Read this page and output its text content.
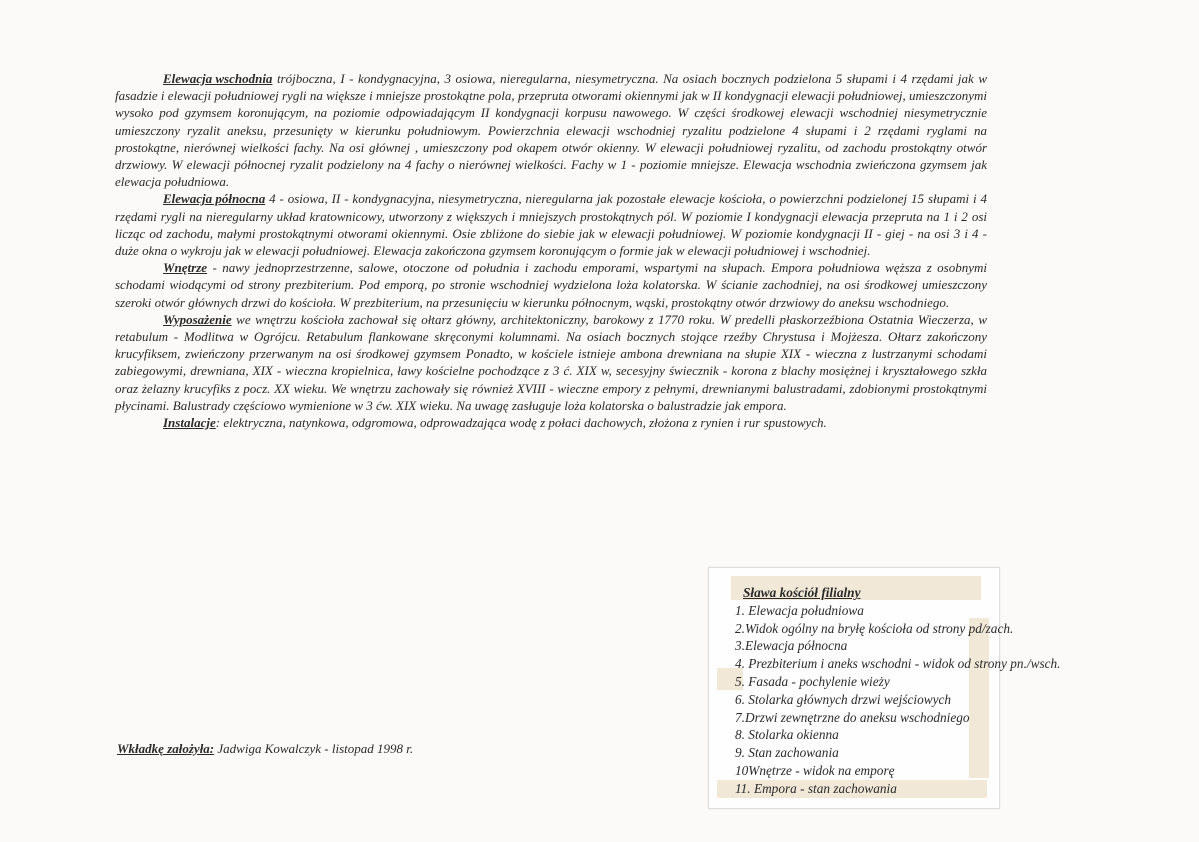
Elewacja wschodnia trójboczna, I - kondygnacyjna, 3 osiowa, nieregularna, niesymetryczna. Na osiach bocznych podzielona 5 słupami i 4 rzędami jak w fasadzie i elewacji południowej rygli na większe i mniejsze prostokątne pola, przepruta otworami okiennymi jak w II kondygnacji elewacji południowej, umieszczonymi wysoko pod gzymsem koronującym, na poziomie odpowiadającym II kondygnacji korpusu nawowego. W części środkowej elewacji wschodniej niesymetrycznie umieszczony ryzalit aneksu, przesunięty w kierunku południowym. Powierzchnia elewacji wschodniej ryzalitu podzielone 4 słupami i 2 rzędami ryglami na prostokątne, nierównej wielkości fachy. Na osi głównej , umieszczony pod okapem otwór okienny. W elewacji południowej ryzalitu, od zachodu prostokątny otwór drzwiowy. W elewacji północnej ryzalit podzielony na 4 fachy o nierównej wielkości. Fachy w 1 - poziomie mniejsze. Elewacja wschodnia zwieńczona gzymsem jak elewacja południowa.

Elewacja północna 4 - osiowa, II - kondygnacyjna, niesymetryczna, nieregularna jak pozostałe elewacje kościoła, o powierzchni podzielonej 15 słupami i 4 rzędami rygli na nieregularny układ kratownicowy, utworzony z większych i mniejszych prostokątnych pól. W poziomie I kondygnacji elewacja przepruta na 1 i 2 osi licząc od zachodu, małymi prostokątnymi otworami okiennymi. Osie zbliżone do siebie jak w elewacji południowej. W poziomie kondygnacji II - giej - na osi 3 i 4 - duże okna o wykroju jak w elewacji południowej. Elewacja zakończona gzymsem koronującym o formie jak w elewacji południowej i wschodniej.

Wnętrze - nawy jednoprzestrzenne, salowe, otoczone od południa i zachodu emporami, wspartymi na słupach. Empora południowa węższa z osobnymi schodami wiodącymi od strony prezbiterium. Pod emporą, po stronie wschodniej wydzielona loża kolatorska. W ścianie zachodniej, na osi środkowej umieszczony szeroki otwór głównych drzwi do kościoła. W prezbiterium, na przesunięciu w kierunku północnym, wąski, prostokątny otwór drzwiowy do aneksu wschodniego.

Wyposażenie we wnętrzu kościoła zachował się ołtarz główny, architektoniczny, barokowy z 1770 roku. W predelli płaskorzeźbiona Ostatnia Wieczerza, w retabulum - Modlitwa w Ogrójcu. Retabulum flankowane skręconymi kolumnami. Na osiach bocznych stojące rzeźby Chrystusa i Mojżesza. Ołtarz zakończony krucyfiksem, zwieńczony przerwanym na osi środkowej gzymsem Ponadto, w kościele istnieje ambona drewniana na słupie XIX - wieczna z lustrzanymi schodami zabiegowymi, drewniana, XIX - wieczna kropielnica, ławy kościelne pochodzące z 3 ć. XIX w, secesyjny świecznik - korona z blachy mosiężnej i kryształowego szkła oraz żelazny krucyfiks z pocz. XX wieku. We wnętrzu zachowały się również XVIII - wieczne empory z pełnymi, drewnianymi balustradami, zdobionymi prostokątnymi płycinami. Balustrady częściowo wymienione w 3 ćw. XIX wieku. Na uwagę zasługuje loża kolatorska o balustradzie jak empora.

Instalacje: elektryczna, natynkowa, odgromowa, odprowadzająca wodę z połaci dachowych, złożona z rynien i rur spustowych.

Wkładkę założyła: Jadwiga Kowalczyk - listopad 1998 r.
Sława kościół filialny
1. Elewacja południowa
2.Widok ogólny na bryłę kościoła od strony pd/zach.
3.Elewacja północna
4. Prezbiterium i aneks wschodni - widok od strony pn./wsch.
5. Fasada - pochylenie wieży
6. Stolarka głównych drzwi wejściowych
7.Drzwi zewnętrzne do aneksu wschodniego
8. Stolarka okienna
9. Stan zachowania
10Wnętrze - widok na emporę
11. Empora - stan zachowania
